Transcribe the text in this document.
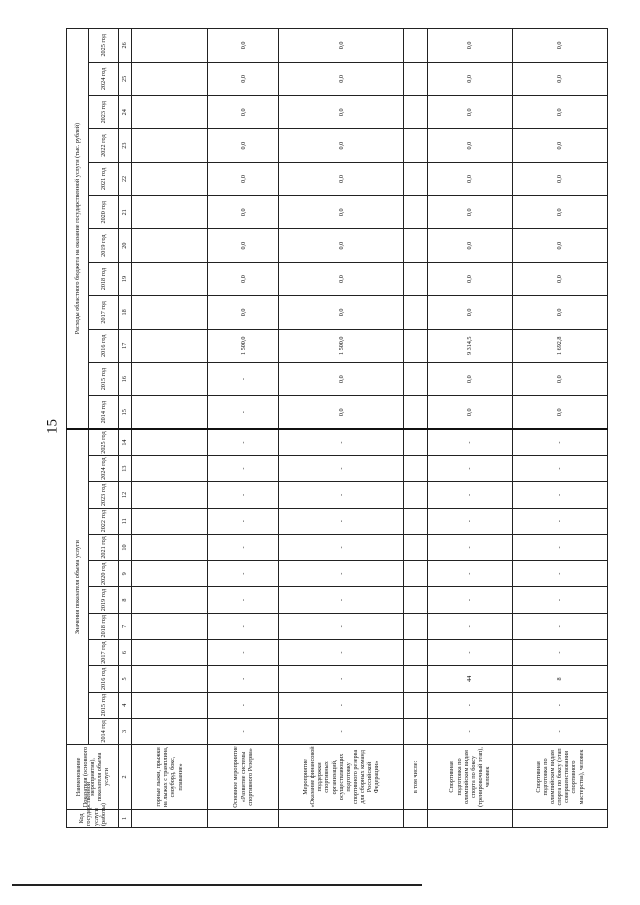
15
Код государственной услуги (работы)	Наименование Показателя (основного мероприятия), показателя объема услуги	Значения показателя объема услуги												Расходы областного бюджета на оказание государственной услуги (тыс. рублей)											
		2014 год	2015 год	2016 год	2017 год	2018 год	2019 год	2020 год	2021 год	2022 год	2023 год	2024 год	2025 год	2014 год	2015 год	2016 год	2017 год	2018 год	2019 год	2020 год	2021 год	2022 год	2023 год	2024 год	2025 год
1	2	3	4	5	6	7	8	9	10	11	12	13	14	15	16	17	18	19	20	21	22	23	24	25	26
	горные лыжи, прыжки на лыжах с трамплина, сноуборд, бокс, плавание»																								
	Основное мероприятие «Развитие системы спортивного Резерва»	-	-	-	-	-	-	-	-	-	-	-	-	-	-	1 500,0	0,0	0,0	0,0	0,0	0,0	0,0	0,0	0,0	0,0
	Мероприятие «Оказание финансовой поддержки спортивных организаций, осуществляющих подготовку спортивного резерва для сборных команд Российской Федерации»	-	-	-	-	-	-	-	-	-	-	-	-	0,0	0,0	1 500,0	0,0	0,0	0,0	0,0	0,0	0,0	0,0	0,0	0,0
	в том числе:																								
	Спортивная подготовка по олимпийским видам спорта по боксу (тренировочный этап), человек	-	-	44	-	-	-	-	-	-	-	-	-	0,0	0,0	9 314,5	0,0	0,0	0,0	0,0	0,0	0,0	0,0	0,0	0,0
	Спортивная подготовка по олимпийским видам спорта по боксу (этап совершенствования спортивного мастерства), человек	-	-	8	-	-	-	-	-	-	-	-	-	0,0	0,0	1 692,8	0,0	0,0	0,0	0,0	0,0	0,0	0,0	0,0	0,0
